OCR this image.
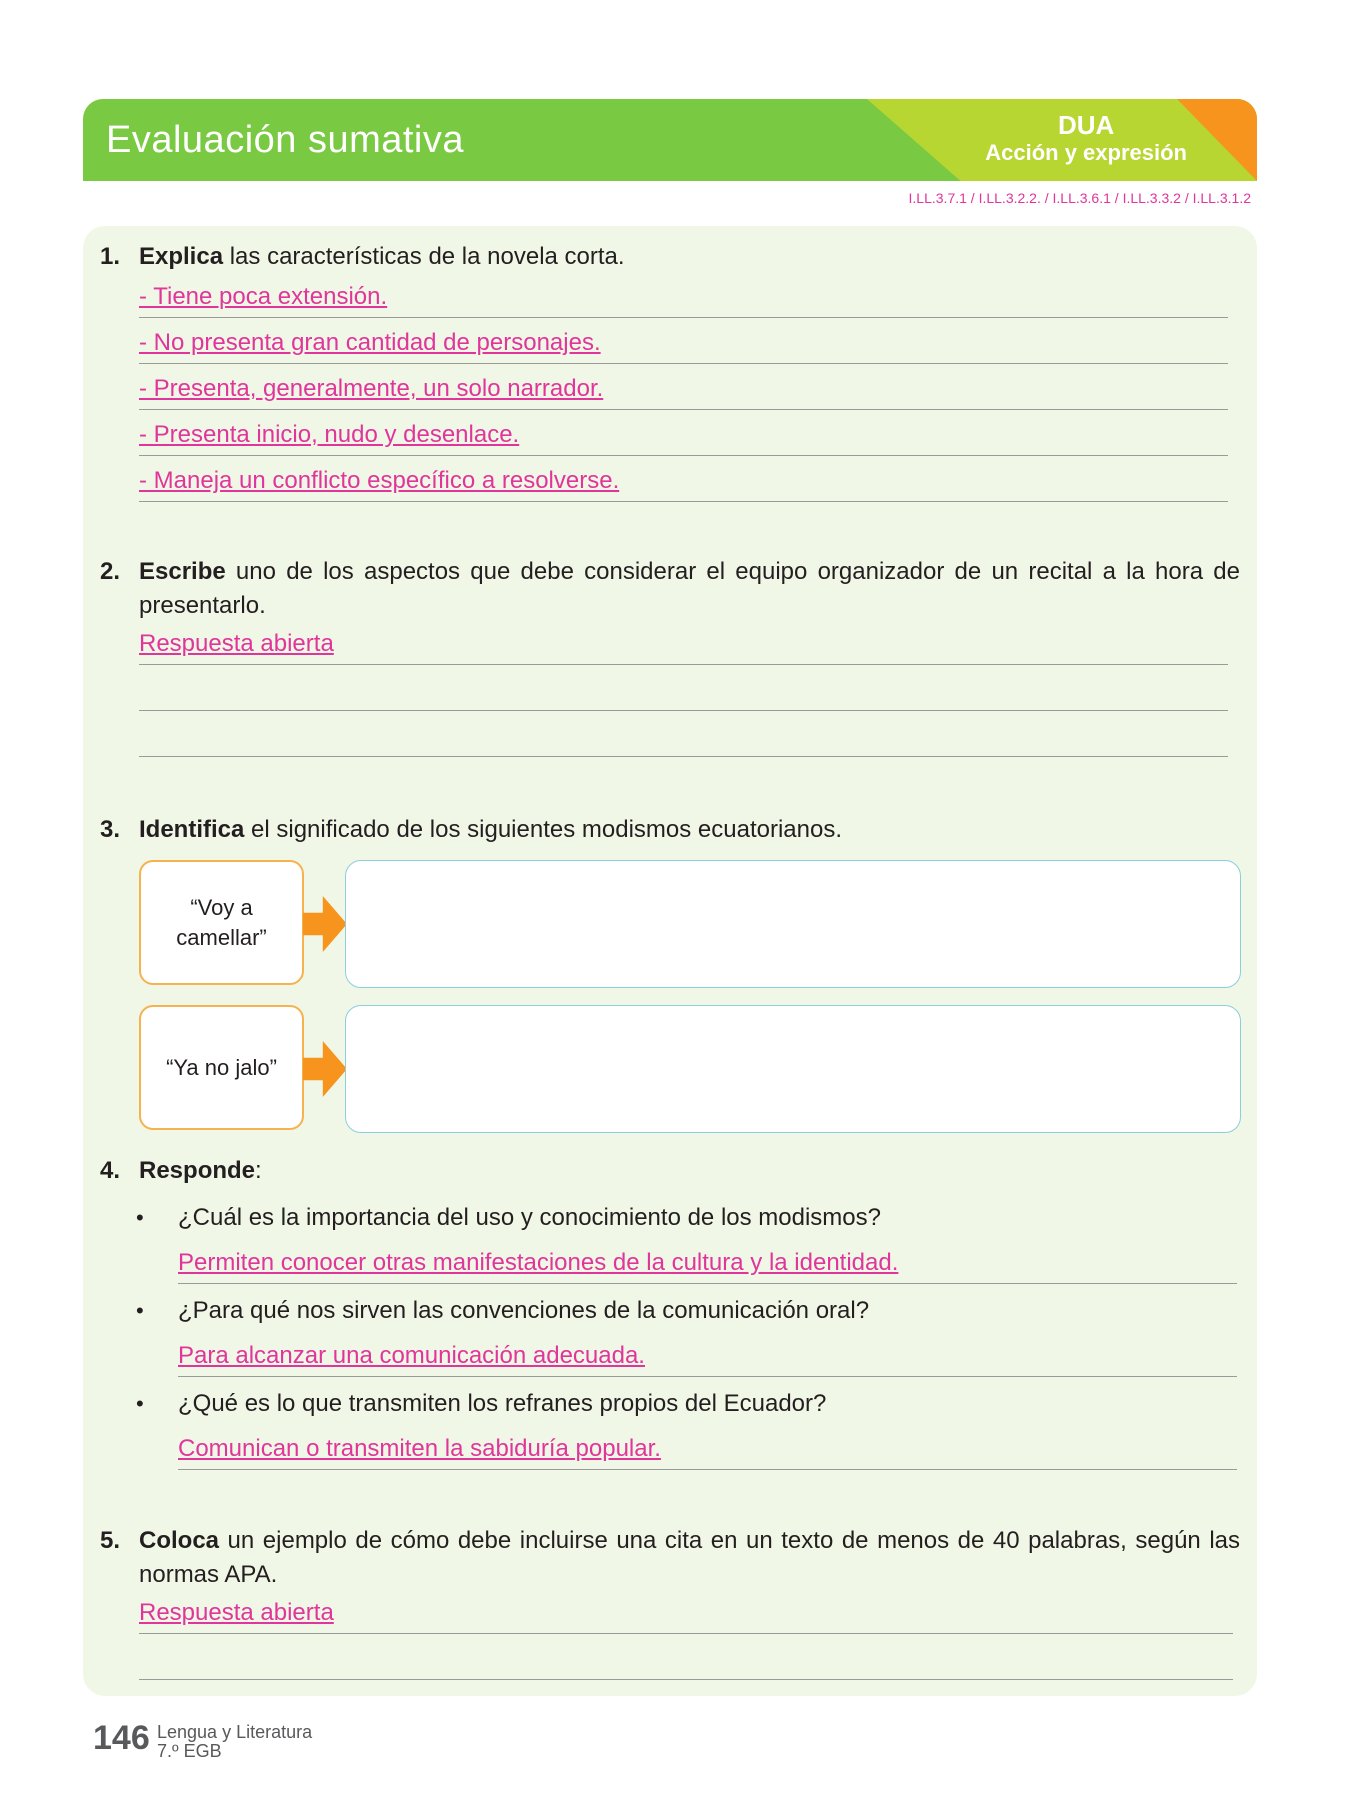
Evaluación sumativa	DUA
Acción y expresión
I.LL.3.7.1 / I.LL.3.2.2. / I.LL.3.6.1 / I.LL.3.3.2 / I.LL.3.1.2
1. Explica las características de la novela corta.
- Tiene poca extensión.
- No presenta gran cantidad de personajes.
- Presenta, generalmente, un solo narrador.
- Presenta inicio, nudo y desenlace.
- Maneja un conflicto específico a resolverse.
2. Escribe uno de los aspectos que debe considerar el equipo organizador de un recital a la hora de presentarlo.
Respuesta abierta
3. Identifica el significado de los siguientes modismos ecuatorianos.
“Voy a camellar”
“Ya no jalo”
4. Responde:
• ¿Cuál es la importancia del uso y conocimiento de los modismos?
Permiten conocer otras manifestaciones de la cultura y la identidad.
• ¿Para qué nos sirven las convenciones de la comunicación oral?
Para alcanzar una comunicación adecuada.
• ¿Qué es lo que transmiten los refranes propios del Ecuador?
Comunican o transmiten la sabiduría popular.
5. Coloca un ejemplo de cómo debe incluirse una cita en un texto de menos de 40 palabras, según las normas APA.
Respuesta abierta
146 Lengua y Literatura
7.º EGB
